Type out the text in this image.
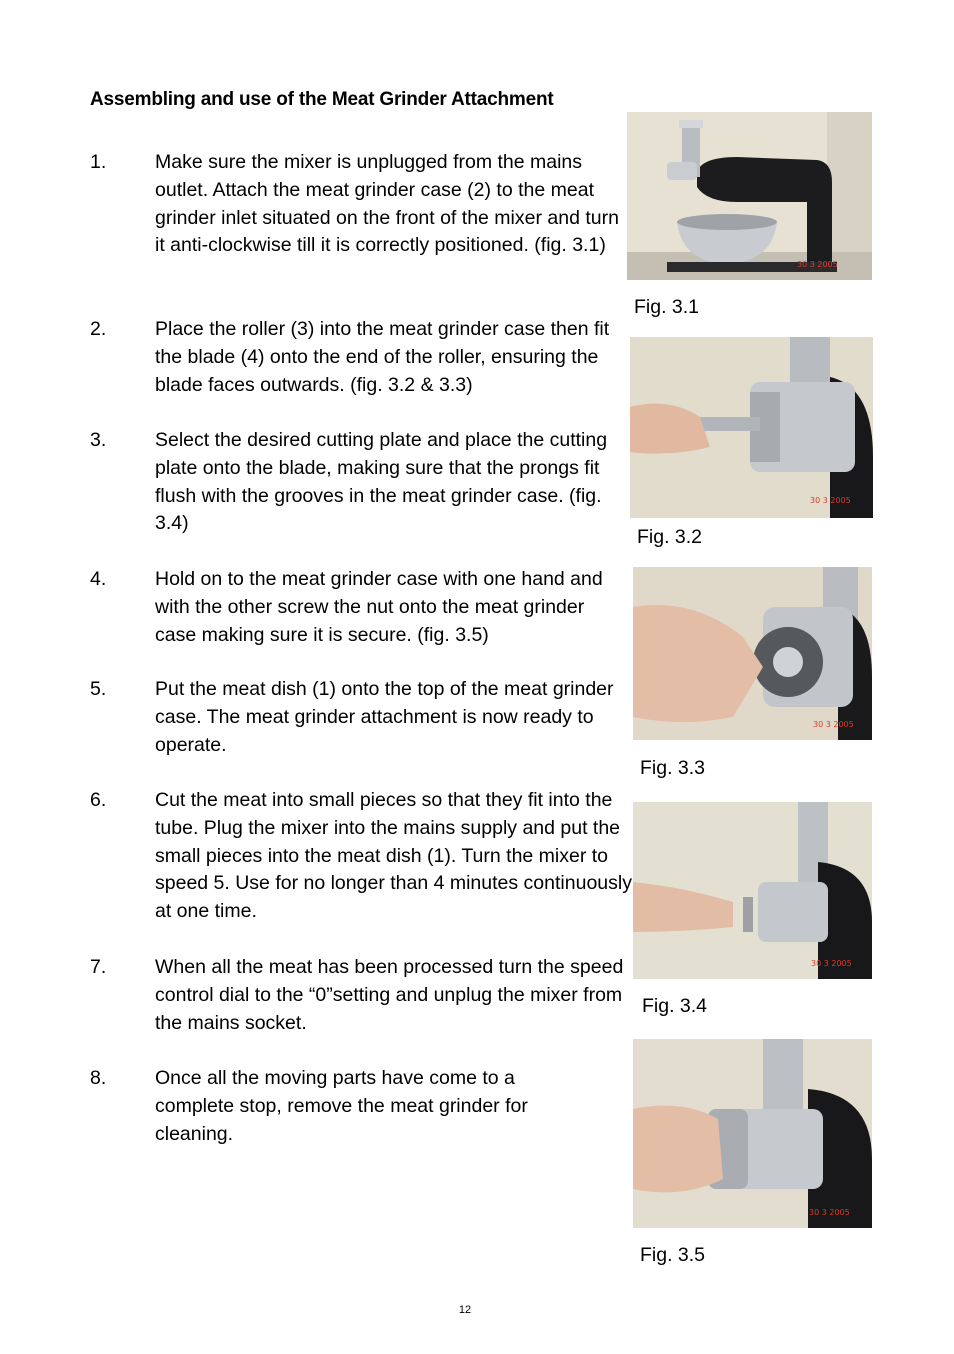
Assembling and use of the Meat Grinder Attachment
1. Make sure the mixer is unplugged from the mains outlet. Attach the meat grinder case (2) to the meat grinder inlet situated on the front of the mixer and turn it anti-clockwise till it is correctly positioned. (fig. 3.1)
2. Place the roller (3) into the meat grinder case then fit the blade (4) onto the end of the roller, ensuring the blade faces outwards. (fig. 3.2 & 3.3)
3. Select the desired cutting plate and place the cutting plate onto the blade, making sure that the prongs fit flush with the grooves in the meat grinder case. (fig. 3.4)
4. Hold on to the meat grinder case with one hand and with the other screw the nut onto the meat grinder case making sure it is secure. (fig. 3.5)
5. Put the meat dish (1) onto the top of the meat grinder case. The meat grinder attachment is now ready to operate.
6. Cut the meat into small pieces so that they fit into the tube. Plug the mixer into the mains supply and put the small pieces into the meat dish (1). Turn the mixer to speed 5. Use for no longer than 4 minutes continuously at one time.
7. When all the meat has been processed turn the speed control dial to the “0”setting and unplug the mixer from the mains socket.
8. Once all the moving parts have come to a complete stop, remove the meat grinder for cleaning.
30 3 2005
Fig. 3.1
30 3 2005
Fig. 3.2
30 3 2005
Fig. 3.3
30 3 2005
Fig. 3.4
30 3 2005
Fig. 3.5
12
